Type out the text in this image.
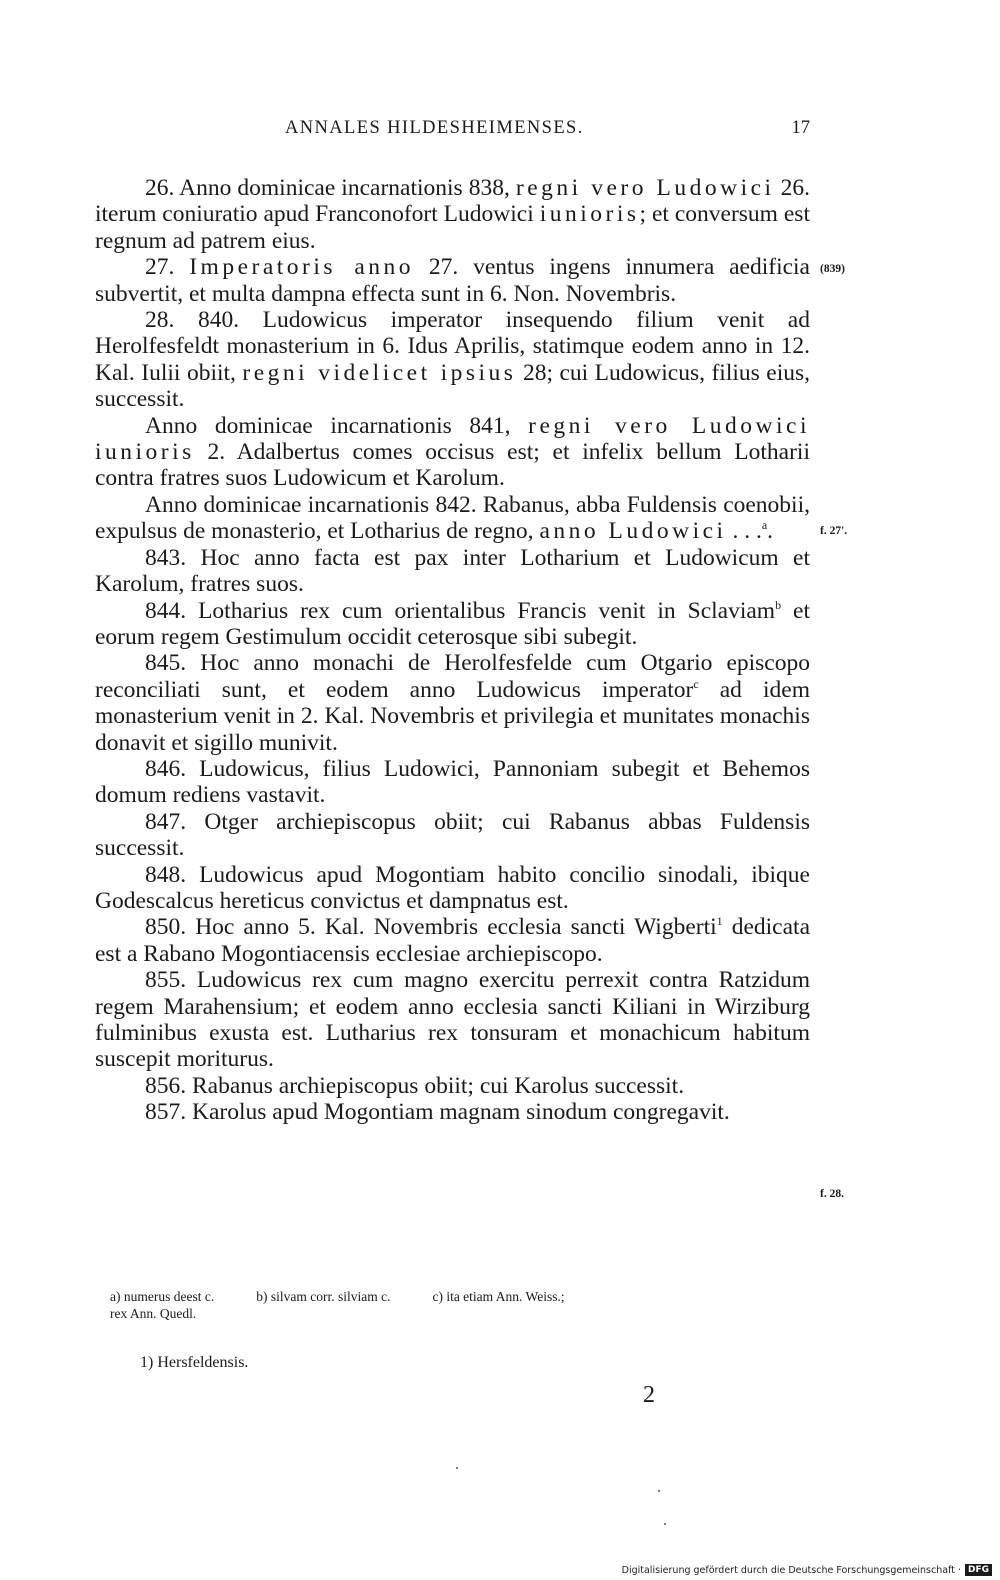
ANNALES HILDESHEIMENSES.	17

26. Anno dominicae incarnationis 838, regni vero Ludowici 26. iterum coniuratio apud Franconofort Ludowici iunioris; et conversum est regnum ad patrem eius.

27. Imperatoris anno 27. ventus ingens innumera aedificia subvertit, et multa dampna effecta sunt in 6. Non. Novembris.

28. 840. Ludowicus imperator insequendo filium venit ad Herolfesfeldt monasterium in 6. Idus Aprilis, statimque eodem anno in 12. Kal. Iulii obiit, regni videlicet ipsius 28; cui Ludowicus, filius eius, successit.

Anno dominicae incarnationis 841, regni vero Ludowici iunioris 2. Adalbertus comes occisus est; et infelix bellum Lotharii contra fratres suos Ludowicum et Karolum.

Anno dominicae incarnationis 842. Rabanus, abba Fuldensis coenobii, expulsus de monasterio, et Lotharius de regno, anno Ludowici . . .$^a$.

843. Hoc anno facta est pax inter Lotharium et Ludowicum et Karolum, fratres suos.

844. Lotharius rex cum orientalibus Francis venit in Sclaviam$^b$ et eorum regem Gestimulum occidit ceterosque sibi subegit.

845. Hoc anno monachi de Herolfesfelde cum Otgario episcopo reconciliati sunt, et eodem anno Ludowicus imperator$^c$ ad idem monasterium venit in 2. Kal. Novembris et privilegia et munitates monachis donavit et sigillo munivit.

846. Ludowicus, filius Ludowici, Pannoniam subegit et Behemos domum rediens vastavit.

847. Otger archiepiscopus obiit; cui Rabanus abbas Fuldensis successit.

848. Ludowicus apud Mogontiam habito concilio sinodali, ibique Godescalcus hereticus convictus et dampnatus est.

850. Hoc anno 5. Kal. Novembris ecclesia sancti Wigberti$^1$ dedicata est a Rabano Mogontiacensis ecclesiae archiepiscopo.

855. Ludowicus rex cum magno exercitu perrexit contra Ratzidum regem Marahensium; et eodem anno ecclesia sancti Kiliani in Wirziburg fulminibus exusta est. Lutharius rex tonsuram et monachicum habitum suscepit moriturus.

856. Rabanus archiepiscopus obiit; cui Karolus successit.

857. Karolus apud Mogontiam magnam sinodum congregavit.

(839)
f. 27'.
f. 28.
a) numerus deest c.	b) silvam corr. silviam c.	c) ita etiam Ann. Weiss.;
rex Ann. Quedl.
1) Hersfeldensis.
2
Digitalisierung gefördert durch die Deutsche Forschungsgemeinschaft · DFG
